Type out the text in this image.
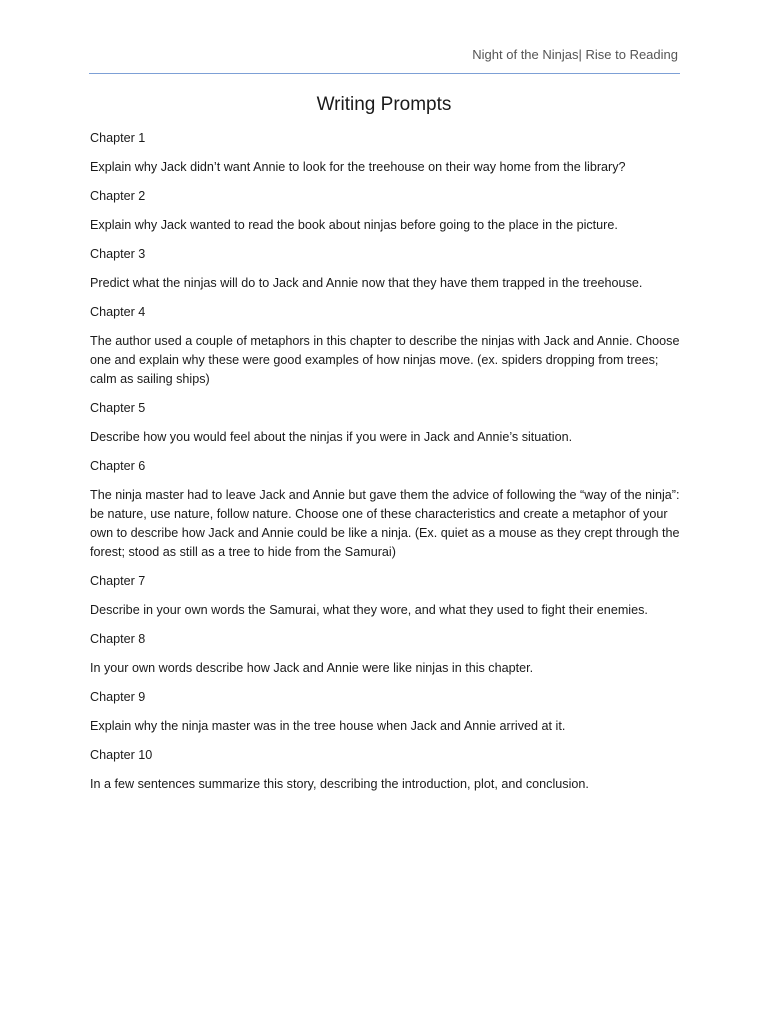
Night of the Ninjas| Rise to Reading
Writing Prompts
Chapter 1
Explain why Jack didn’t want Annie to look for the treehouse on their way home from the library?
Chapter 2
Explain why Jack wanted to read the book about ninjas before going to the place in the picture.
Chapter 3
Predict what the ninjas will do to Jack and Annie now that they have them trapped in the treehouse.
Chapter 4
The author used a couple of metaphors in this chapter to describe the ninjas with Jack and Annie. Choose one and explain why these were good examples of how ninjas move. (ex. spiders dropping from trees; calm as sailing ships)
Chapter 5
Describe how you would feel about the ninjas if you were in Jack and Annie’s situation.
Chapter 6
The ninja master had to leave Jack and Annie but gave them the advice of following the “way of the ninja”: be nature, use nature, follow nature. Choose one of these characteristics and create a metaphor of your own to describe how Jack and Annie could be like a ninja. (Ex. quiet as a mouse as they crept through the forest; stood as still as a tree to hide from the Samurai)
Chapter 7
Describe in your own words the Samurai, what they wore, and what they used to fight their enemies.
Chapter 8
In your own words describe how Jack and Annie were like ninjas in this chapter.
Chapter 9
Explain why the ninja master was in the tree house when Jack and Annie arrived at it.
Chapter 10
In a few sentences summarize this story, describing the introduction, plot, and conclusion.
